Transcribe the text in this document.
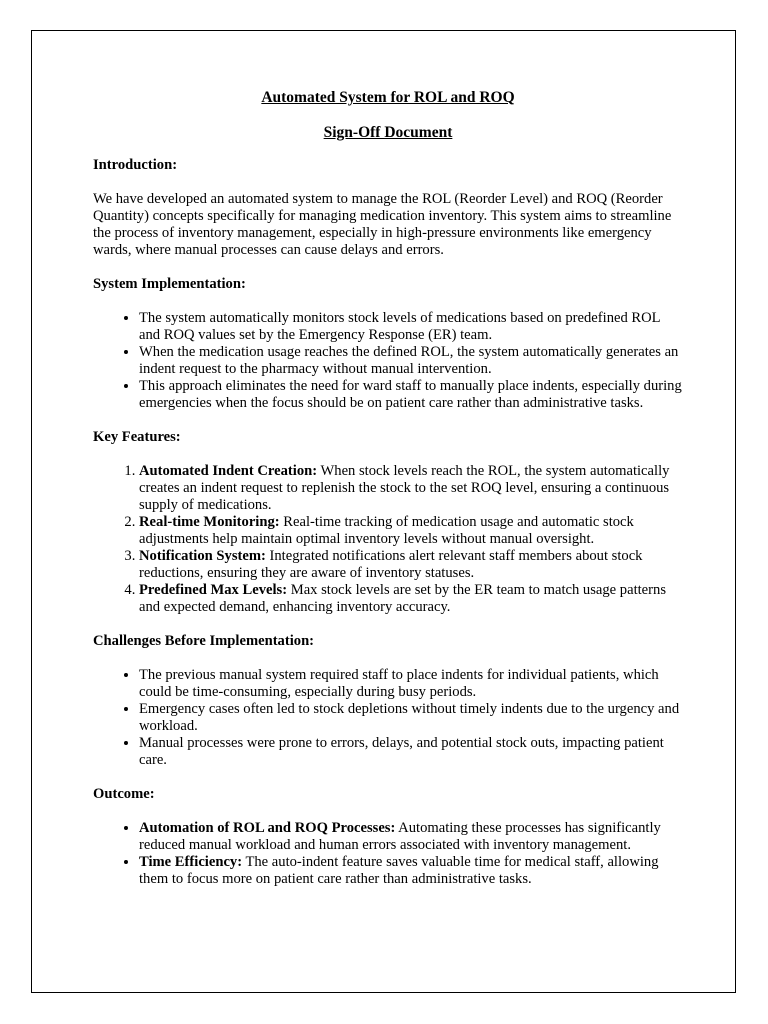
Automated System for ROL and ROQ
Sign-Off Document

Introduction:

We have developed an automated system to manage the ROL (Reorder Level) and ROQ (Reorder Quantity) concepts specifically for managing medication inventory. This system aims to streamline the process of inventory management, especially in high-pressure environments like emergency wards, where manual processes can cause delays and errors.

System Implementation:

• The system automatically monitors stock levels of medications based on predefined ROL and ROQ values set by the Emergency Response (ER) team.
• When the medication usage reaches the defined ROL, the system automatically generates an indent request to the pharmacy without manual intervention.
• This approach eliminates the need for ward staff to manually place indents, especially during emergencies when the focus should be on patient care rather than administrative tasks.

Key Features:

1. Automated Indent Creation: When stock levels reach the ROL, the system automatically creates an indent request to replenish the stock to the set ROQ level, ensuring a continuous supply of medications.
2. Real-time Monitoring: Real-time tracking of medication usage and automatic stock adjustments help maintain optimal inventory levels without manual oversight.
3. Notification System: Integrated notifications alert relevant staff members about stock reductions, ensuring they are aware of inventory statuses.
4. Predefined Max Levels: Max stock levels are set by the ER team to match usage patterns and expected demand, enhancing inventory accuracy.

Challenges Before Implementation:

• The previous manual system required staff to place indents for individual patients, which could be time-consuming, especially during busy periods.
• Emergency cases often led to stock depletions without timely indents due to the urgency and workload.
• Manual processes were prone to errors, delays, and potential stock outs, impacting patient care.

Outcome:

• Automation of ROL and ROQ Processes: Automating these processes has significantly reduced manual workload and human errors associated with inventory management.
• Time Efficiency: The auto-indent feature saves valuable time for medical staff, allowing them to focus more on patient care rather than administrative tasks.
